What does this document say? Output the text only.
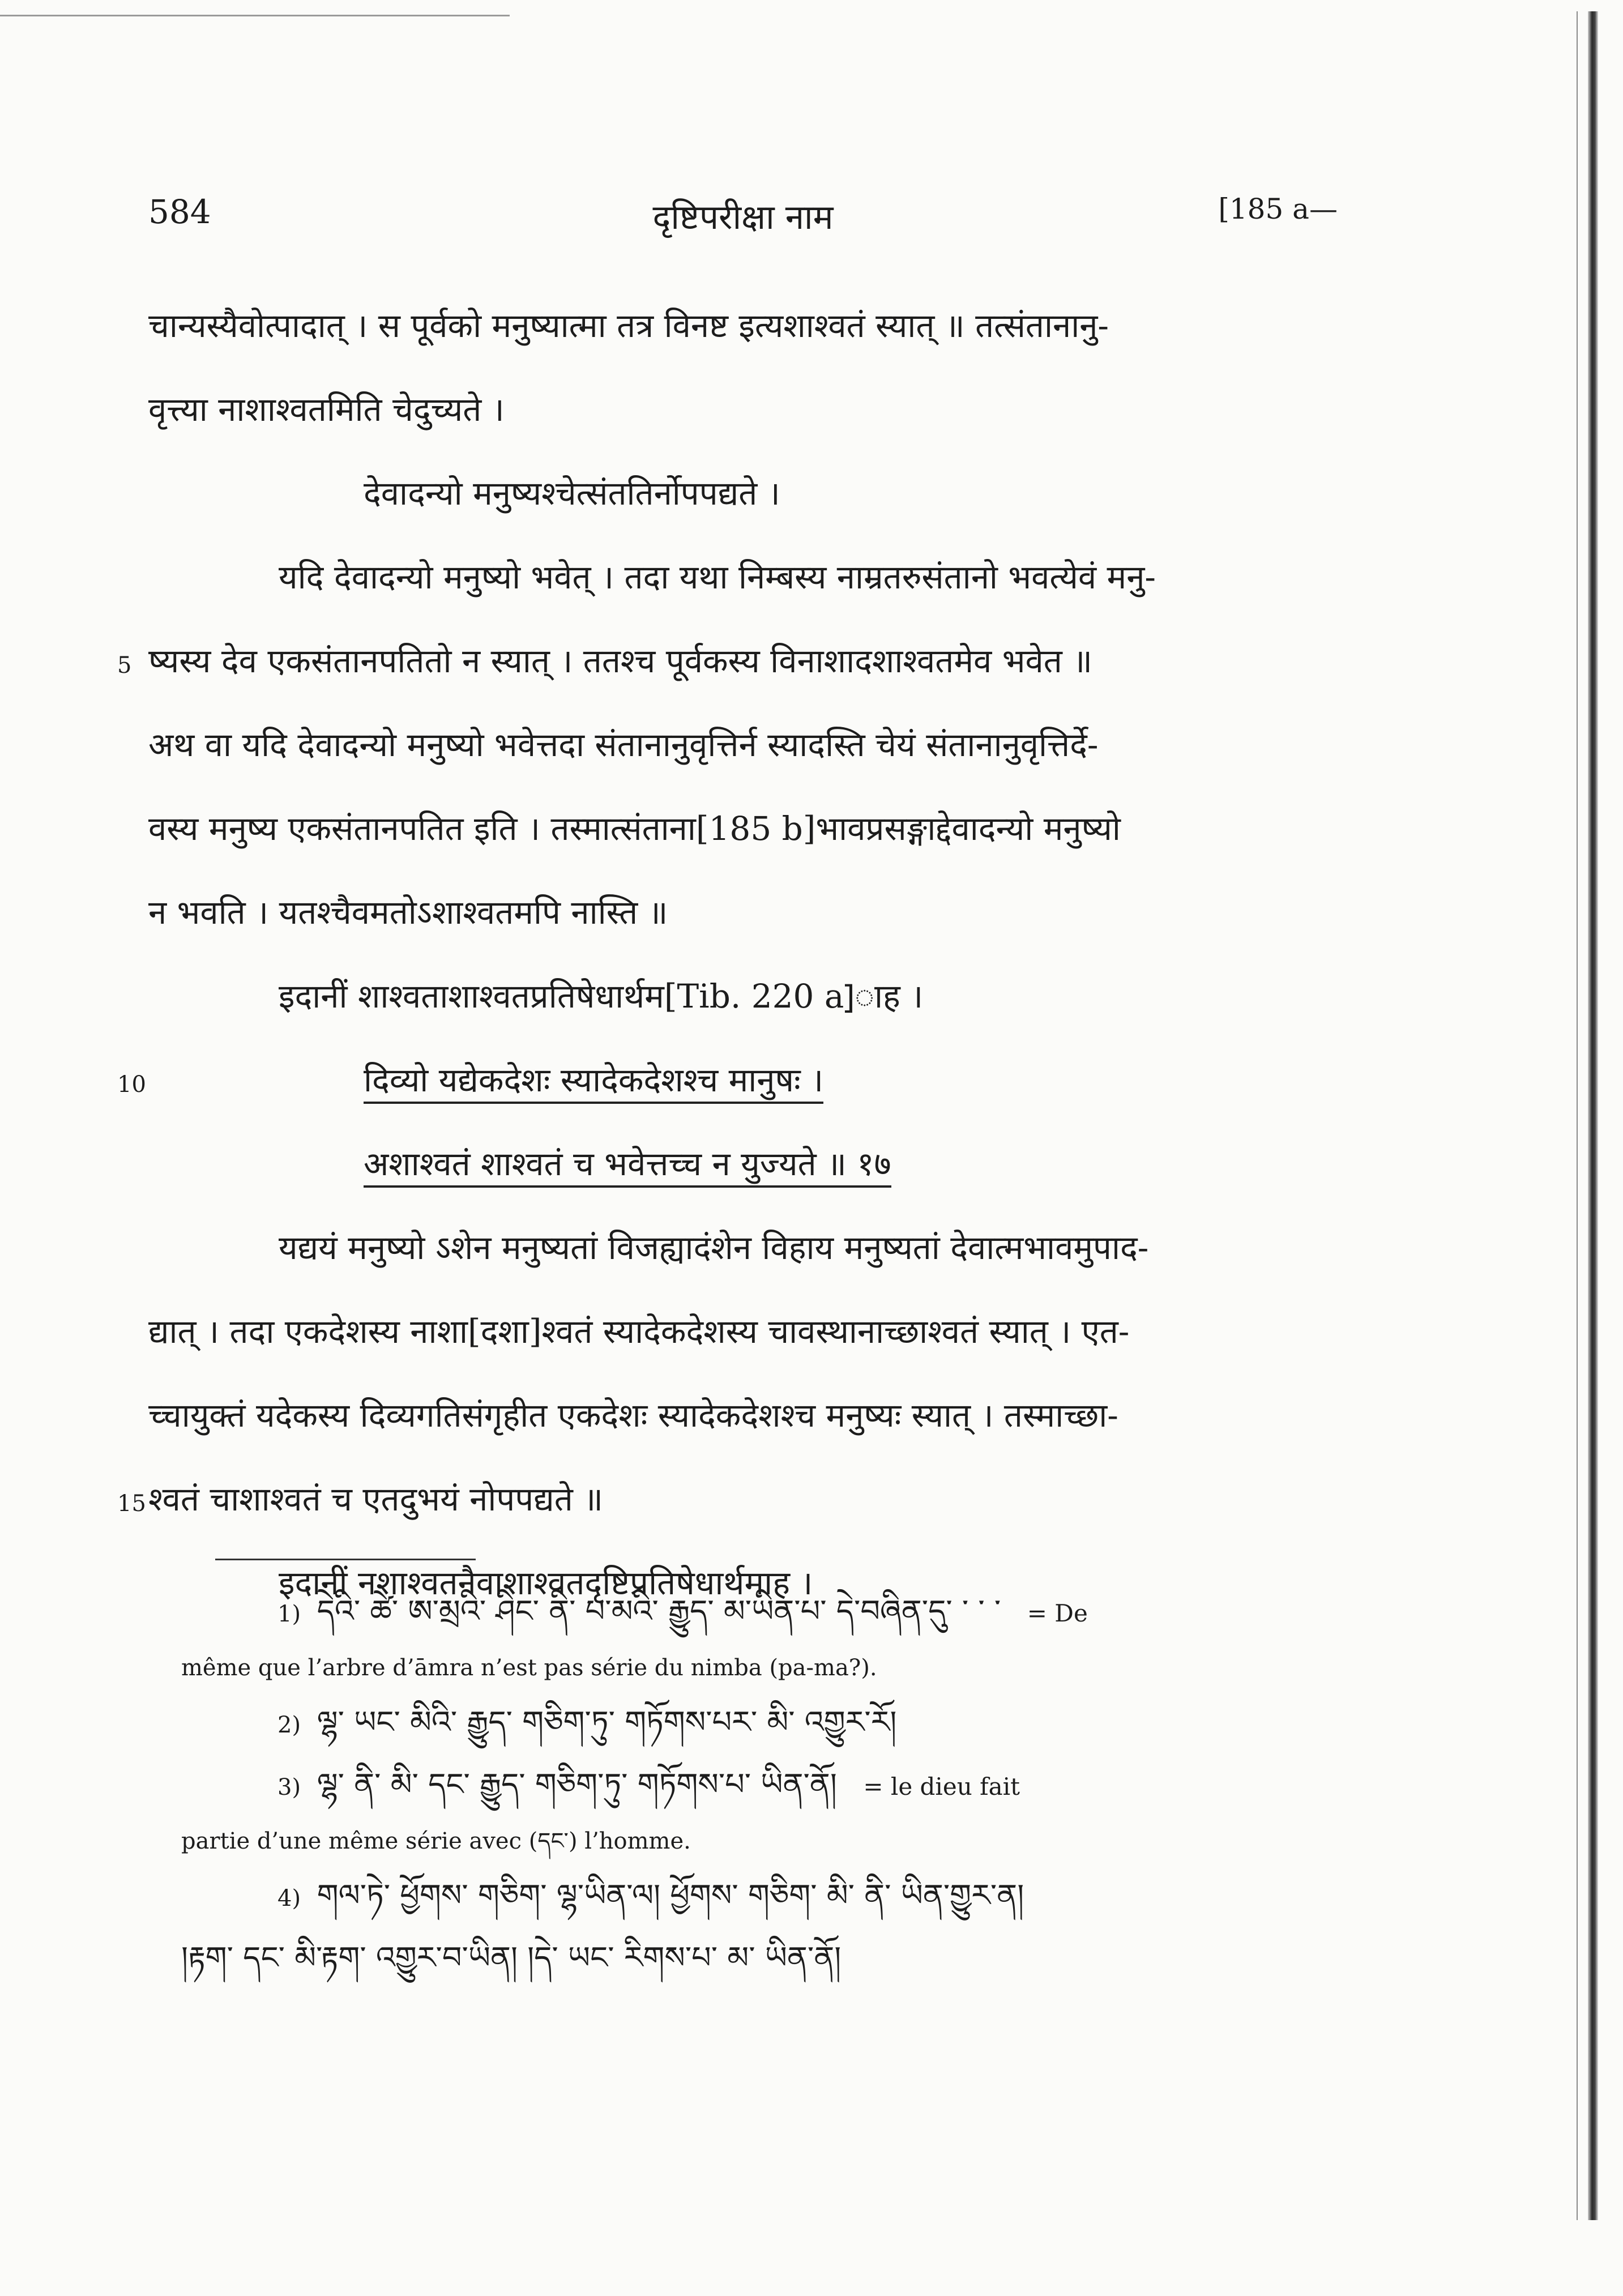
584	दृष्टिपरीक्षा नाम	[185 a—
चान्यस्यैवोत्पादात् । स पूर्वको मनुष्यात्मा तत्र विनष्ट इत्यशाश्वतं स्यात् ॥ तत्संतानानु-
वृत्त्या नाशाश्वतमिति चेदुच्यते ।
देवादन्यो मनुष्यश्चेत्संततिर्नोपपद्यते ।
यदि देवादन्यो मनुष्यो भवेत् । तदा यथा निम्बस्य नाम्रतरुसंतानो भवत्येवं मनु-
5 ष्यस्य देव एकसंतानपतितो न स्यात् । ततश्च पूर्वकस्य विनाशादशाश्वतमेव भवेत ॥
अथ वा यदि देवादन्यो मनुष्यो भवेत्तदा संतानानुवृत्तिर्न स्यादस्ति चेयं संतानानुवृत्तिर्दे-
वस्य मनुष्य एकसंतानपतित इति । तस्मात्संताना[185 b]भावप्रसङ्गाद्देवादन्यो मनुष्यो
न भवति । यतश्चैवमतोऽशाश्वतमपि नास्ति ॥
इदानीं शाश्वताशाश्वतप्रतिषेधार्थम[Tib. 220 a]ाह ।
10	दिव्यो यद्येकदेशः स्यादेकदेशश्च मानुषः ।
अशाश्वतं शाश्वतं च भवेत्तच्च न युज्यते ॥ १७
यद्ययं मनुष्यो ऽशेन मनुष्यतां विजह्यादंशेन विहाय मनुष्यतां देवात्मभावमुपाद-
द्यात् । तदा एकदेशस्य नाशा[दशा]श्वतं स्यादेकदेशस्य चावस्थानाच्छाश्वतं स्यात् । एत-
च्चायुक्तं यदेकस्य दिव्यगतिसंगृहीत एकदेशः स्यादेकदेशश्च मनुष्यः स्यात् । तस्माच्छा-
15 श्वतं चाशाश्वतं च एतदुभयं नोपपद्यते ॥
इदानीं नशाश्वतनैवाशाश्वतदृष्टिप्रतिषेधार्थमाह ।
1) དེའི་ ཚེ་ ཨ་མྲའི་ ཤིང་ ནི་ པ་མའི་ རྒྱུད་ མ་ཡིན་པ་ དེ་བཞིན་དུ་ ་ ་ ་ = De
même que l’arbre d’āmra n’est pas série du nimba (pa-ma?).
2) ལྷ་ ཡང་ མིའི་ རྒྱུད་ གཅིག་ཏུ་ གཏོགས་པར་ མི་ འགྱུར་རོ།
3) ལྷ་ ནི་ མི་ དང་ རྒྱུད་ གཅིག་ཏུ་ གཏོགས་པ་ ཡིན་ནོ། = le dieu fait
partie d’une même série avec (དང་) l’homme.
4) གལ་ཏེ་ ཕྱོགས་ གཅིག་ ལྷ་ཡིན་ལ། ཕྱོགས་ གཅིག་ མི་ ནི་ ཡིན་གྱུར་ན།
།རྟག་ དང་ མི་རྟག་ འགྱུར་བ་ཡིན། །དེ་ ཡང་ རིགས་པ་ མ་ ཡིན་ནོ།
